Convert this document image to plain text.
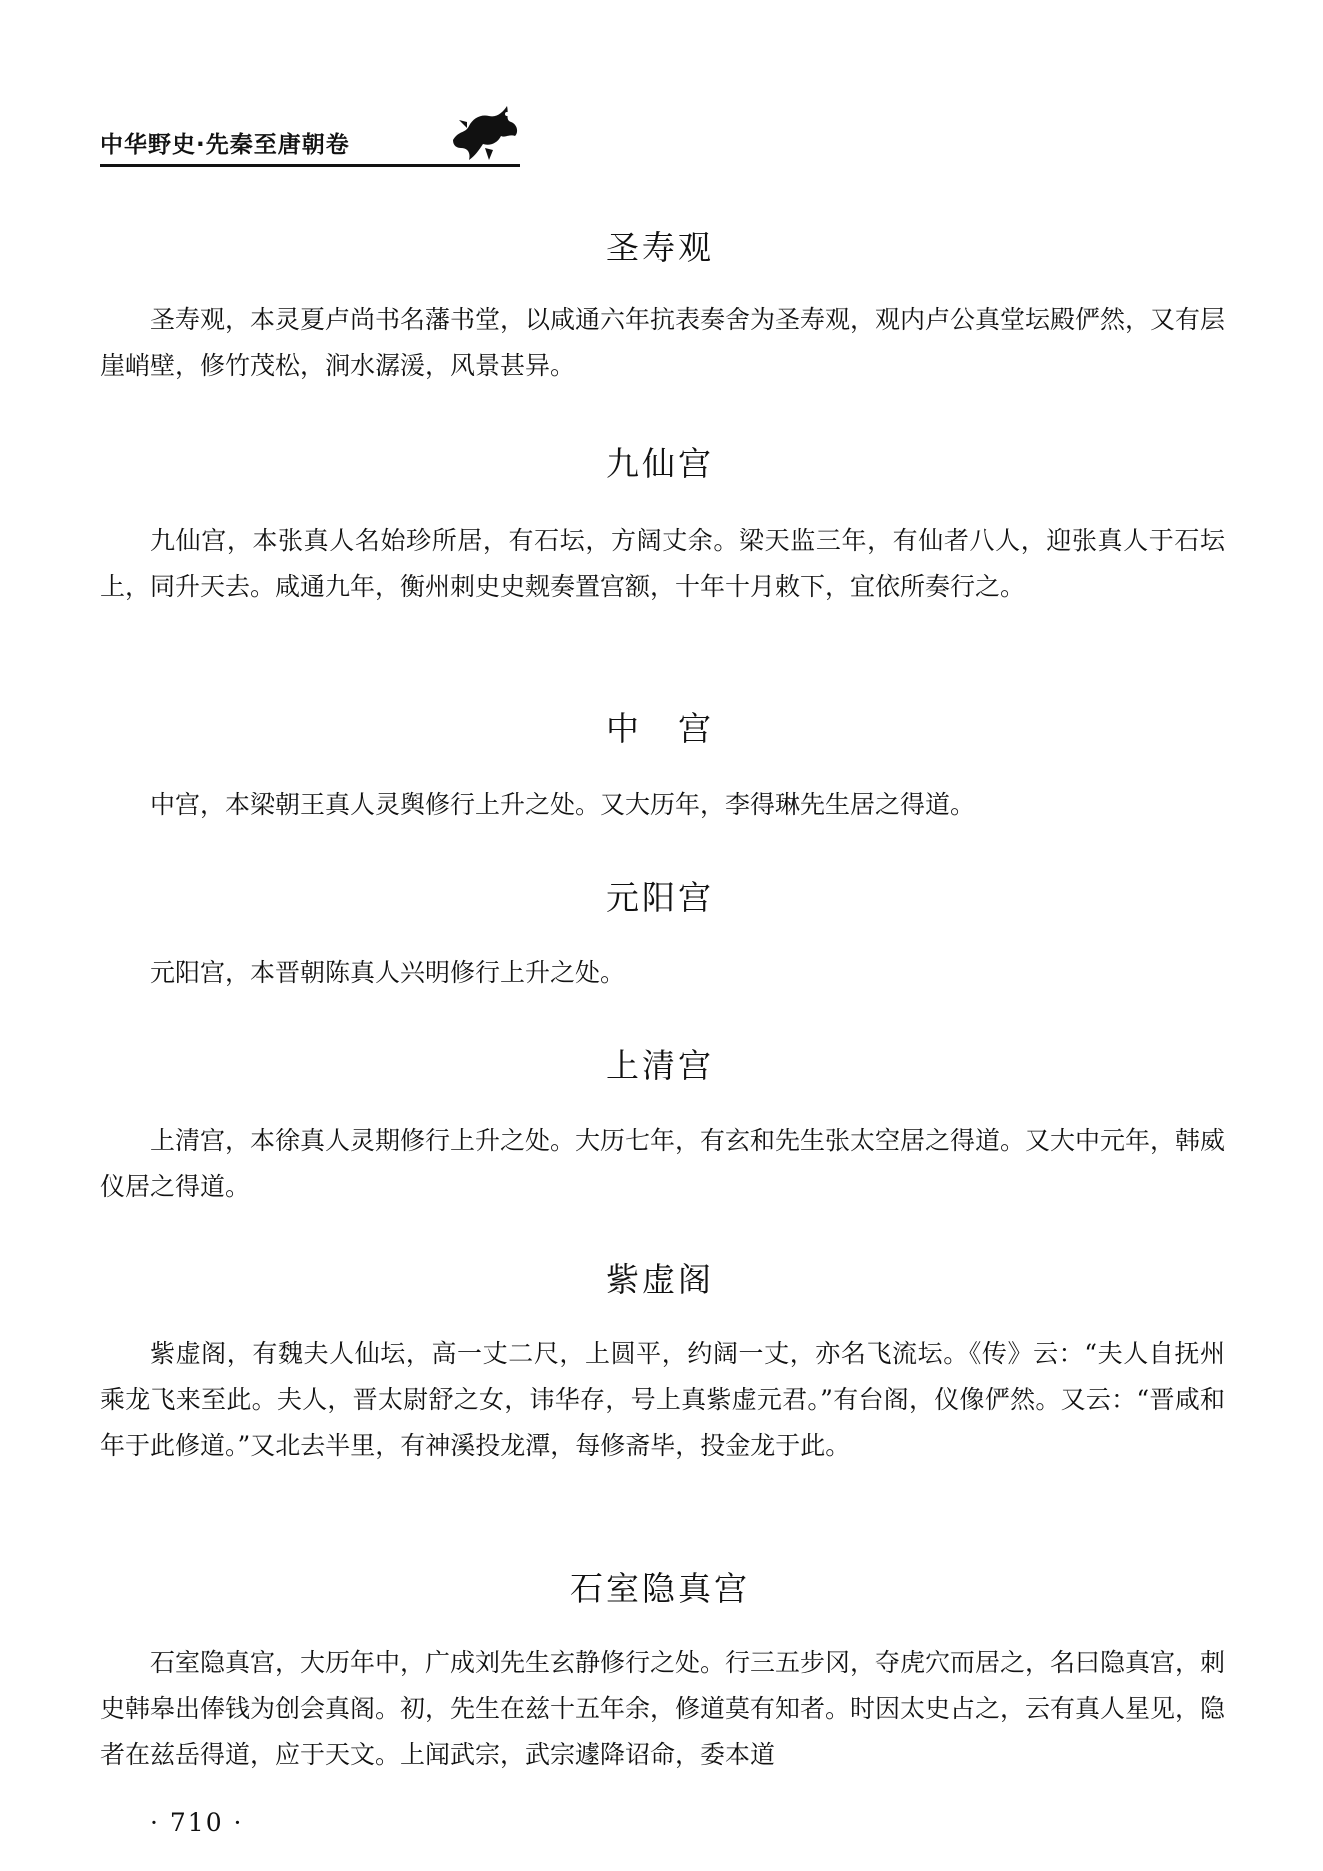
中华野史·先秦至唐朝卷
圣寿观

圣寿观，本灵夏卢尚书名藩书堂，以咸通六年抗表奏舍为圣寿观，观内卢公真堂坛殿俨然，又有层崖峭壁，修竹茂松，涧水潺湲，风景甚异。

九仙宫

九仙宫，本张真人名始珍所居，有石坛，方阔丈余。梁天监三年，有仙者八人，迎张真人于石坛上，同升天去。咸通九年，衡州刺史史觌奏置宫额，十年十月敕下，宜依所奏行之。

中　宫

中宫，本梁朝王真人灵舆修行上升之处。又大历年，李得琳先生居之得道。

元阳宫

元阳宫，本晋朝陈真人兴明修行上升之处。

上清宫

上清宫，本徐真人灵期修行上升之处。大历七年，有玄和先生张太空居之得道。又大中元年，韩威仪居之得道。

紫虚阁

紫虚阁，有魏夫人仙坛，高一丈二尺，上圆平，约阔一丈，亦名飞流坛。《传》云：“夫人自抚州乘龙飞来至此。夫人，晋太尉舒之女，讳华存，号上真紫虚元君。”有台阁，仪像俨然。又云：“晋咸和年于此修道。”又北去半里，有神溪投龙潭，每修斋毕，投金龙于此。

石室隐真宫

石室隐真宫，大历年中，广成刘先生玄静修行之处。行三五步冈，夺虎穴而居之，名曰隐真宫，刺史韩皋出俸钱为创会真阁。初，先生在兹十五年余，修道莫有知者。时因太史占之，云有真人星见，隐者在兹岳得道，应于天文。上闻武宗，武宗遽降诏命，委本道

· 710 ·
